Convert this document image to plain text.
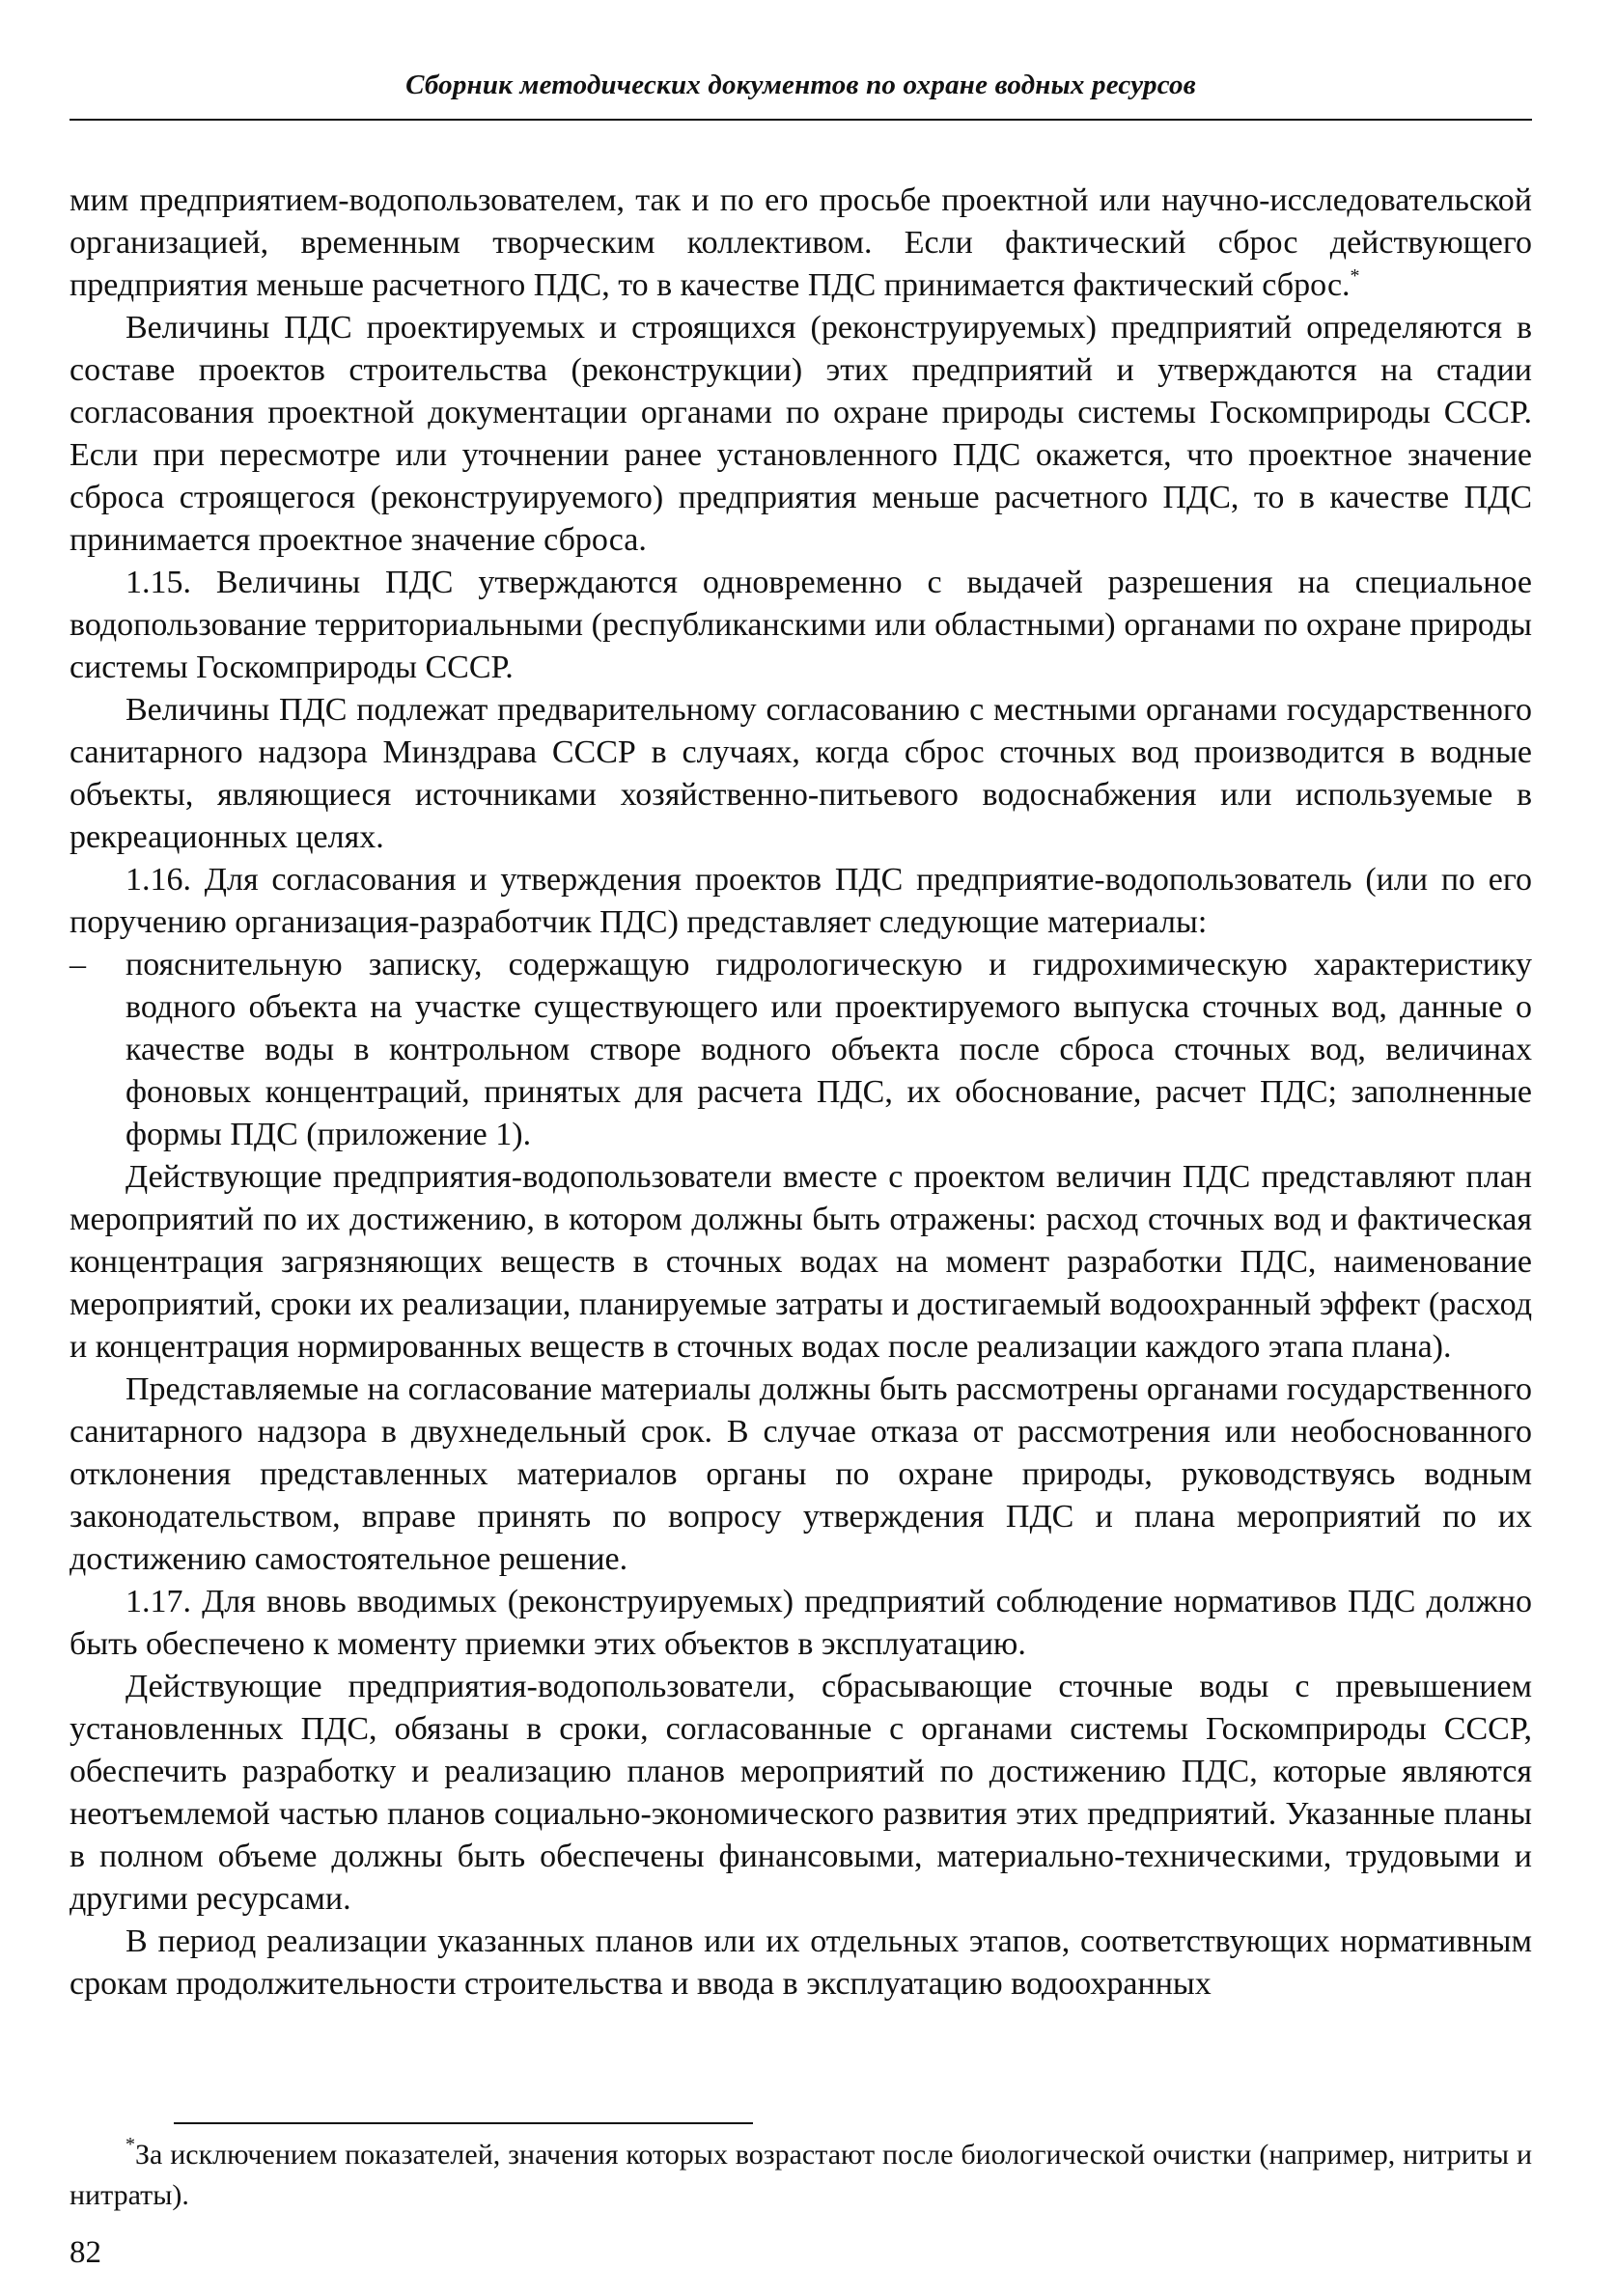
Сборник методических документов по охране водных ресурсов

мим предприятием-водопользователем, так и по его просьбе проектной или научно-исследовательской организацией, временным творческим коллективом. Если фактический сброс действующего предприятия меньше расчетного ПДС, то в качестве ПДС принимается фактический сброс.*

Величины ПДС проектируемых и строящихся (реконструируемых) предприятий определяются в составе проектов строительства (реконструкции) этих предприятий и утверждаются на стадии согласования проектной документации органами по охране природы системы Госкомприроды СССР. Если при пересмотре или уточнении ранее установленного ПДС окажется, что проектное значение сброса строящегося (реконструируемого) предприятия меньше расчетного ПДС, то в качестве ПДС принимается проектное значение сброса.

1.15. Величины ПДС утверждаются одновременно с выдачей разрешения на специальное водопользование территориальными (республиканскими или областными) органами по охране природы системы Госкомприроды СССР.

Величины ПДС подлежат предварительному согласованию с местными органами государственного санитарного надзора Минздрава СССР в случаях, когда сброс сточных вод производится в водные объекты, являющиеся источниками хозяйственно-питьевого водоснабжения или используемые в рекреационных целях.

1.16. Для согласования и утверждения проектов ПДС предприятие-водопользователь (или по его поручению организация-разработчик ПДС) представляет следующие материалы:

– пояснительную записку, содержащую гидрологическую и гидрохимическую характеристику водного объекта на участке существующего или проектируемого выпуска сточных вод, данные о качестве воды в контрольном створе водного объекта после сброса сточных вод, величинах фоновых концентраций, принятых для расчета ПДС, их обоснование, расчет ПДС; заполненные формы ПДС (приложение 1).

Действующие предприятия-водопользователи вместе с проектом величин ПДС представляют план мероприятий по их достижению, в котором должны быть отражены: расход сточных вод и фактическая концентрация загрязняющих веществ в сточных водах на момент разработки ПДС, наименование мероприятий, сроки их реализации, планируемые затраты и достигаемый водоохранный эффект (расход и концентрация нормированных веществ в сточных водах после реализации каждого этапа плана).

Представляемые на согласование материалы должны быть рассмотрены органами государственного санитарного надзора в двухнедельный срок. В случае отказа от рассмотрения или необоснованного отклонения представленных материалов органы по охране природы, руководствуясь водным законодательством, вправе принять по вопросу утверждения ПДС и плана мероприятий по их достижению самостоятельное решение.

1.17. Для вновь вводимых (реконструируемых) предприятий соблюдение нормативов ПДС должно быть обеспечено к моменту приемки этих объектов в эксплуатацию.

Действующие предприятия-водопользователи, сбрасывающие сточные воды с превышением установленных ПДС, обязаны в сроки, согласованные с органами системы Госкомприроды СССР, обеспечить разработку и реализацию планов мероприятий по достижению ПДС, которые являются неотъемлемой частью планов социально-экономического развития этих предприятий. Указанные планы в полном объеме должны быть обеспечены финансовыми, материально-техническими, трудовыми и другими ресурсами.

В период реализации указанных планов или их отдельных этапов, соответствующих нормативным срокам продолжительности строительства и ввода в эксплуатацию водоохранных

*За исключением показателей, значения которых возрастают после биологической очистки (например, нитриты и нитраты).

82
